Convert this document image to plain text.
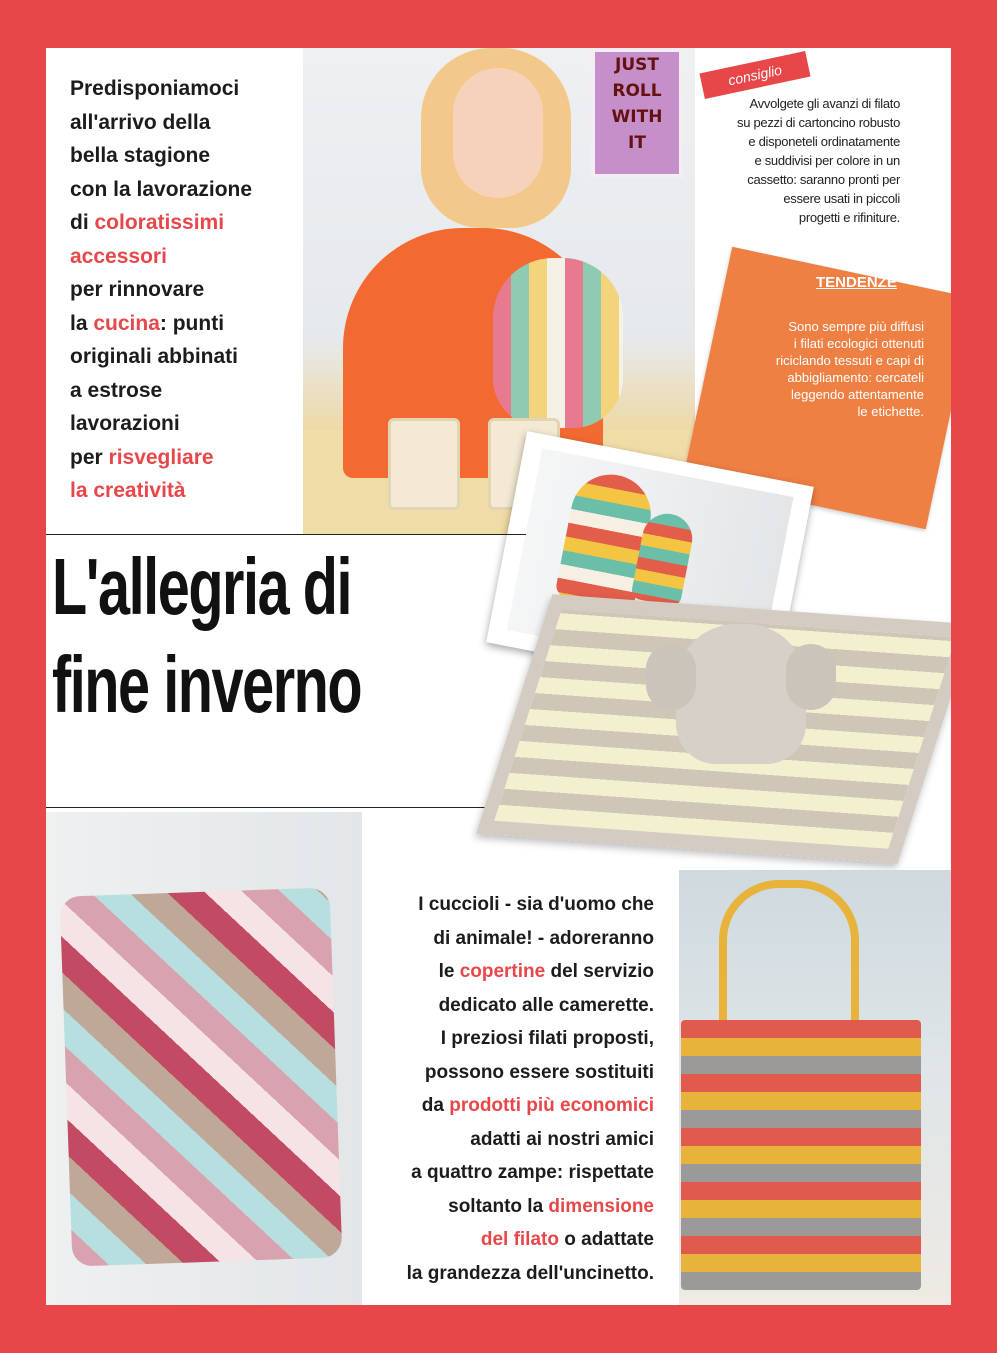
JUST
ROLL
WITH
IT
Predisponiamoci
all'arrivo della
bella stagione
con la lavorazione
di coloratissimi
accessori
per rinnovare
la cucina: punti
originali abbinati
a estrose
lavorazioni
per risvegliare
la creatività
consiglio
Avvolgete gli avanzi di filato
su pezzi di cartoncino robusto
e disponeteli ordinatamente
e suddivisi per colore in un
cassetto: saranno pronti per
essere usati in piccoli
progetti e rifiniture.
TENDENZE
Sono sempre più diffusi
i filati ecologici ottenuti
riciclando tessuti e capi di
abbigliamento: cercateli
leggendo attentamente
le etichette.
L'allegria di
fine inverno
I cuccioli - sia d'uomo che
di animale! - adoreranno
le copertine del servizio
dedicato alle camerette.
I preziosi filati proposti,
possono essere sostituiti
da prodotti più economici
adatti ai nostri amici
a quattro zampe: rispettate
soltanto la dimensione
del filato o adattate
la grandezza dell'uncinetto.
